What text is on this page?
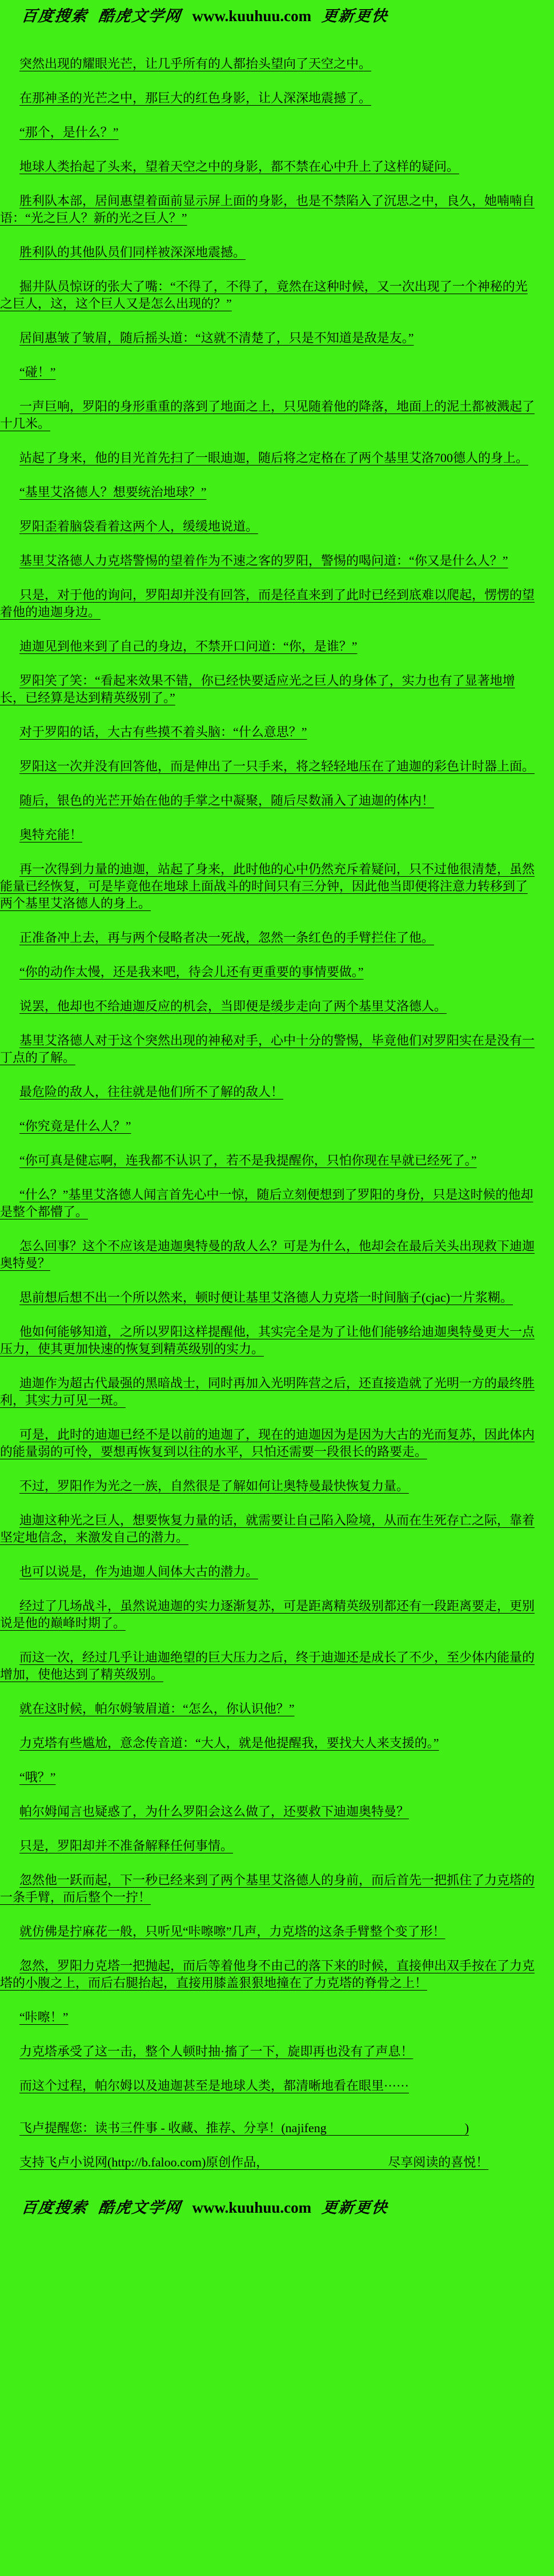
百度搜索 酷虎文学网 www.kuuhuu.com 更新更快

突然出现的耀眼光芒，让几乎所有的人都抬头望向了天空之中。

在那神圣的光芒之中，那巨大的红色身影，让人深深地震撼了。

“那个，是什么？”

地球人类抬起了头来，望着天空之中的身影，都不禁在心中升上了这样的疑问。

胜利队本部，居间惠望着面前显示屏上面的身影，也是不禁陷入了沉思之中，良久，她喃喃自语：“光之巨人？新的光之巨人？”

胜利队的其他队员们同样被深深地震撼。

掘井队员惊讶的张大了嘴：“不得了，不得了，竟然在这种时候，又一次出现了一个神秘的光之巨人，这，这个巨人又是怎么出现的？”

居间惠皱了皱眉，随后摇头道：“这就不清楚了，只是不知道是敌是友。”

“碰！”

一声巨响，罗阳的身形重重的落到了地面之上，只见随着他的降落，地面上的泥土都被溅起了十几米。

站起了身来，他的目光首先扫了一眼迪迦，随后将之定格在了两个基里艾洛700德人的身上。

“基里艾洛德人？想要统治地球？”

罗阳歪着脑袋看着这两个人，缓缓地说道。

基里艾洛德人力克塔警惕的望着作为不速之客的罗阳，警惕的喝问道：“你又是什么人？”

只是，对于他的询问，罗阳却并没有回答，而是径直来到了此时已经到底难以爬起，愣愣的望着他的迪迦身边。

迪迦见到他来到了自己的身边，不禁开口问道：“你，是谁？”

罗阳笑了笑：“看起来效果不错，你已经快要适应光之巨人的身体了，实力也有了显著地增长，已经算是达到精英级别了。”

对于罗阳的话，大古有些摸不着头脑：“什么意思？”

罗阳这一次并没有回答他，而是伸出了一只手来，将之轻轻地压在了迪迦的彩色计时器上面。

随后，银色的光芒开始在他的手掌之中凝聚，随后尽数涌入了迪迦的体内！

奥特充能！

再一次得到力量的迪迦，站起了身来，此时他的心中仍然充斥着疑问，只不过他很清楚，虽然能量已经恢复，可是毕竟他在地球上面战斗的时间只有三分钟，因此他当即便将注意力转移到了两个基里艾洛德人的身上。

正准备冲上去，再与两个侵略者决一死战，忽然一条红色的手臂拦住了他。

“你的动作太慢，还是我来吧，待会儿还有更重要的事情要做。”

说罢，他却也不给迪迦反应的机会，当即便是缓步走向了两个基里艾洛德人。

基里艾洛德人对于这个突然出现的神秘对手，心中十分的警惕，毕竟他们对罗阳实在是没有一丁点的了解。

最危险的敌人，往往就是他们所不了解的敌人！

“你究竟是什么人？”

“你可真是健忘啊，连我都不认识了，若不是我提醒你，只怕你现在早就已经死了。”

“什么？”基里艾洛德人闻言首先心中一惊，随后立刻便想到了罗阳的身份，只是这时候的他却是整个都懵了。

怎么回事？这个不应该是迪迦奥特曼的敌人么？可是为什么，他却会在最后关头出现救下迪迦奥特曼？

思前想后想不出一个所以然来，顿时便让基里艾洛德人力克塔一时间脑子(cjac)一片浆糊。

他如何能够知道，之所以罗阳这样提醒他，其实完全是为了让他们能够给迪迦奥特曼更大一点压力，使其更加快速的恢复到精英级别的实力。

迪迦作为超古代最强的黑暗战士，同时再加入光明阵营之后，还直接造就了光明一方的最终胜利，其实力可见一斑。

可是，此时的迪迦已经不是以前的迪迦了，现在的迪迦因为是因为大古的光而复苏，因此体内的能量弱的可怜，要想再恢复到以往的水平，只怕还需要一段很长的路要走。

不过，罗阳作为光之一族，自然很是了解如何让奥特曼最快恢复力量。

迪迦这种光之巨人，想要恢复力量的话，就需要让自己陷入险境，从而在生死存亡之际，靠着坚定地信念，来激发自己的潜力。

也可以说是，作为迪迦人间体大古的潜力。

经过了几场战斗，虽然说迪迦的实力逐渐复苏，可是距离精英级别都还有一段距离要走，更别说是他的巅峰时期了。

而这一次，经过几乎让迪迦绝望的巨大压力之后，终于迪迦还是成长了不少，至少体内能量的增加，使他达到了精英级别。

就在这时候，帕尔姆皱眉道：“怎么，你认识他？”

力克塔有些尴尬，意念传音道：“大人，就是他提醒我，要找大人来支援的。”

“哦？”

帕尔姆闻言也疑惑了，为什么罗阳会这么做了，还要救下迪迦奥特曼？

只是，罗阳却并不准备解释任何事情。

忽然他一跃而起，下一秒已经来到了两个基里艾洛德人的身前，而后首先一把抓住了力克塔的一条手臂，而后整个一拧！

就仿佛是拧麻花一般，只听见“咔嚓嚓”几声，力克塔的这条手臂整个变了形！

忽然，罗阳力克塔一把抛起，而后等着他身不由己的落下来的时候，直接伸出双手按在了力克塔的小腹之上，而后右腿抬起，直接用膝盖狠狠地撞在了力克塔的脊骨之上！

“咔嚓！”

力克塔承受了这一击，整个人顿时抽·搐了一下，旋即再也没有了声息！

而这个过程，帕尔姆以及迪迦甚至是地球人类，都清晰地看在眼里······

飞卢提醒您：读书三件事 - 收藏、推荐、分享！(najifeng                                            )

支持飞卢小说网(http://b.faloo.com)原创作品，                                      尽享阅读的喜悦！

百度搜索 酷虎文学网 www.kuuhuu.com 更新更快
